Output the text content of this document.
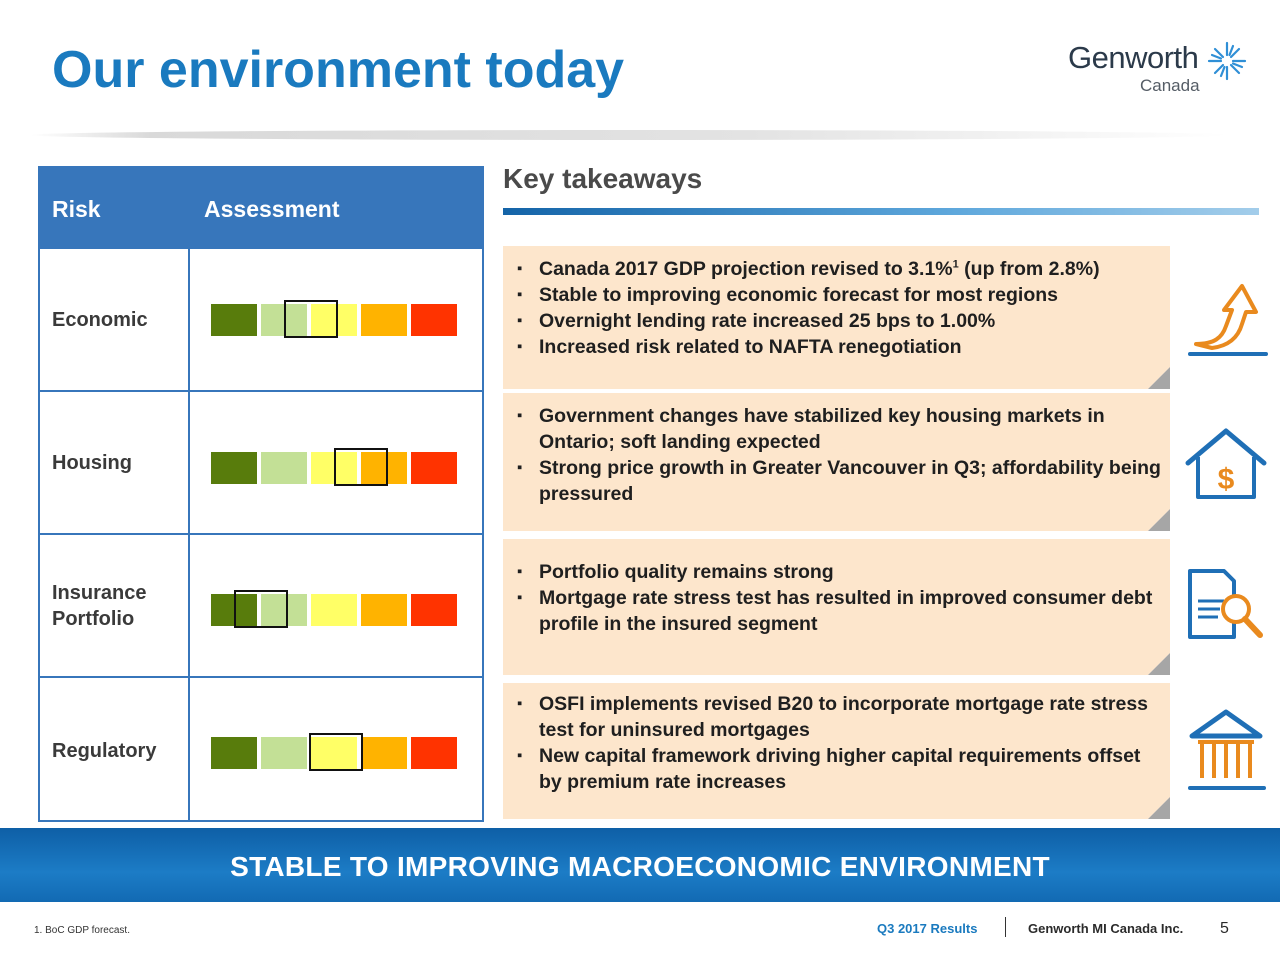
Our environment today	Genworth
Canada
Risk	Assessment
Economic
Housing
Insurance Portfolio
Regulatory
Key takeaways
▪ Canada 2017 GDP projection revised to 3.1%$^1$ (up from 2.8%)
▪ Stable to improving economic forecast for most regions
▪ Overnight lending rate increased 25 bps to 1.00%
▪ Increased risk related to NAFTA renegotiation
▪ Government changes have stabilized key housing markets in Ontario; soft landing expected
▪ Strong price growth in Greater Vancouver in Q3; affordability being pressured
▪ Portfolio quality remains strong
▪ Mortgage rate stress test has resulted in improved consumer debt profile in the insured segment
▪ OSFI implements revised B20 to incorporate mortgage rate stress test for uninsured mortgages
▪ New capital framework driving higher capital requirements offset by premium rate increases
$
STABLE TO IMPROVING MACROECONOMIC ENVIRONMENT
1. BoC GDP forecast.	Q3 2017 Results	Genworth MI Canada Inc. 5
